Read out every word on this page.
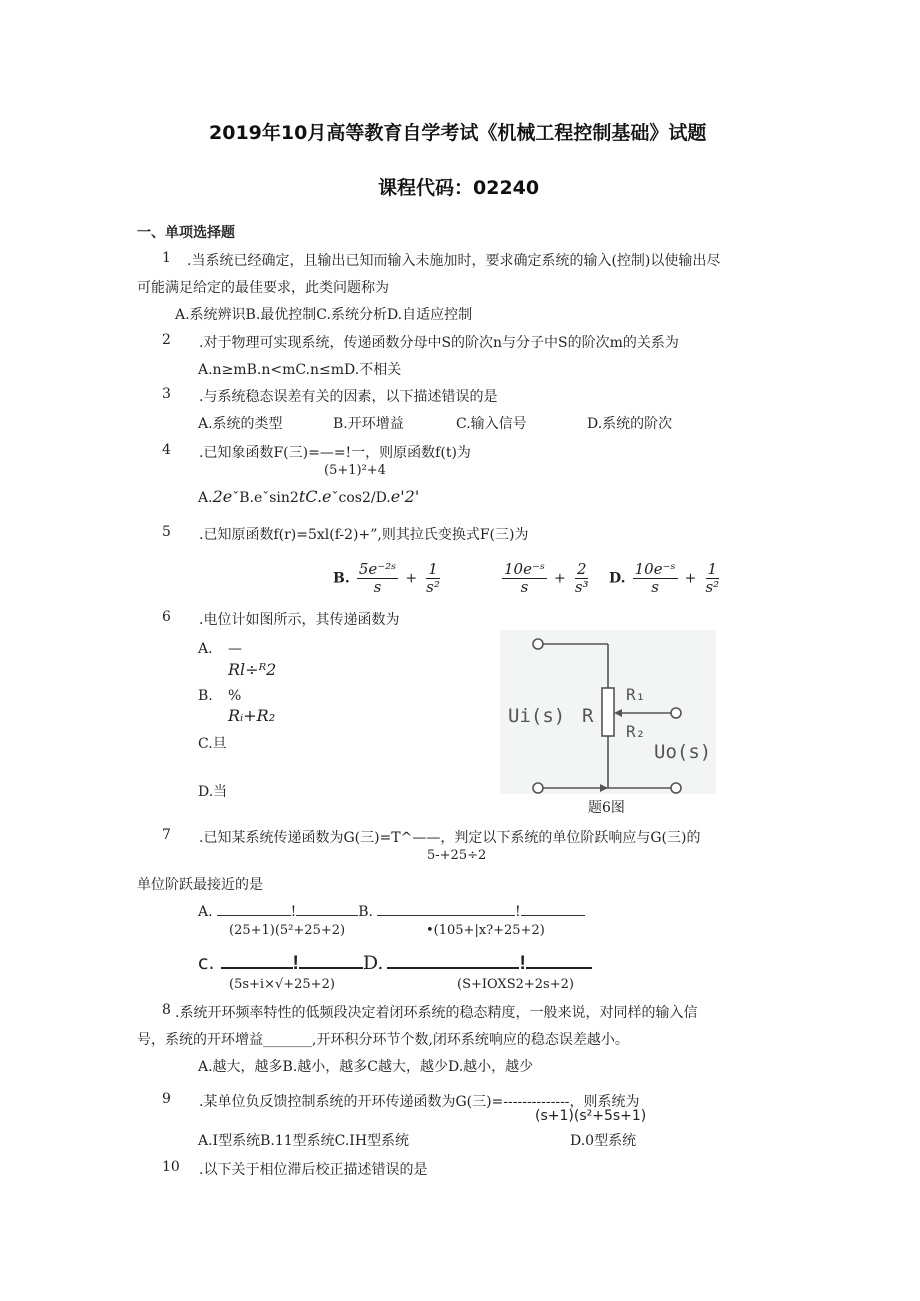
2019年10月高等教育自学考试《机械工程控制基础》试题
课程代码：02240
一、单项选择题
1 .当系统已经确定，且输出已知而输入未施加时，要求确定系统的输入(控制)以使输出尽
可能满足给定的最佳要求，此类问题称为
A.系统辨识B.最优控制C.系统分析D.自适应控制
2 .对于物理可实现系统，传递函数分母中S的阶次n与分子中S的阶次m的关系为
A.n≥mB.n<mC.n≤mD.不相关
3 .与系统稳态误差有关的因素，以下描述错误的是
A.系统的类型	B.开环增益	C.输入信号	D.系统的阶次
4 .已知象函数F(三)=—=!一，则原函数f(t)为
(5+1)²+4
A.2eˇB.eˇsin2tC.eˇcos2/D.e'2'
5 .已知原函数f(r)=5xl(f-2)+”,则其拉氏变换式F(三)为
B. $\frac{\text{5e⁻²ˢ}}{s} + \frac{1}{\text{s²}}$	$\frac{\text{10e⁻ˢ}}{s} + \frac{2}{\text{s³}} D$. $\frac{\text{10e⁻ˢ}}{s} + \frac{1}{\text{s²}}$
6 .电位计如图所示，其传递函数为
A. —
Rl÷ᴿ2
B. %
Rᵢ+R₂
C.旦
D.当
Ui(s) R
R₁
R₂
Uo(s)
题6图
7 .已知某系统传递函数为G(三)=T^——，判定以下系统的单位阶跃响应与G(三)的
5-+25÷2
单位阶跃最接近的是
A.	!	B.	!
(25+1)(5²+25+2)	•(105+|x?+25+2)
c.	!	D.	!
(5s+i×√+25+2)	(S+IOXS2+2s+2)
8 .系统开环频率特性的低频段决定着闭环系统的稳态精度，一般来说，对同样的输入信
号，系统的开环增益_______,开环积分环节个数,闭环系统响应的稳态误差越小。
A.越大，越多B.越小，越多C越大，越少D.越小，越少
9 .某单位负反馈控制系统的开环传递函数为G(三)=--------------，则系统为
(s+1)(s²+5s+1)
A.I型系统B.11型系统C.IH型系统	D.0型系统
10 .以下关于相位滞后校正描述错误的是
